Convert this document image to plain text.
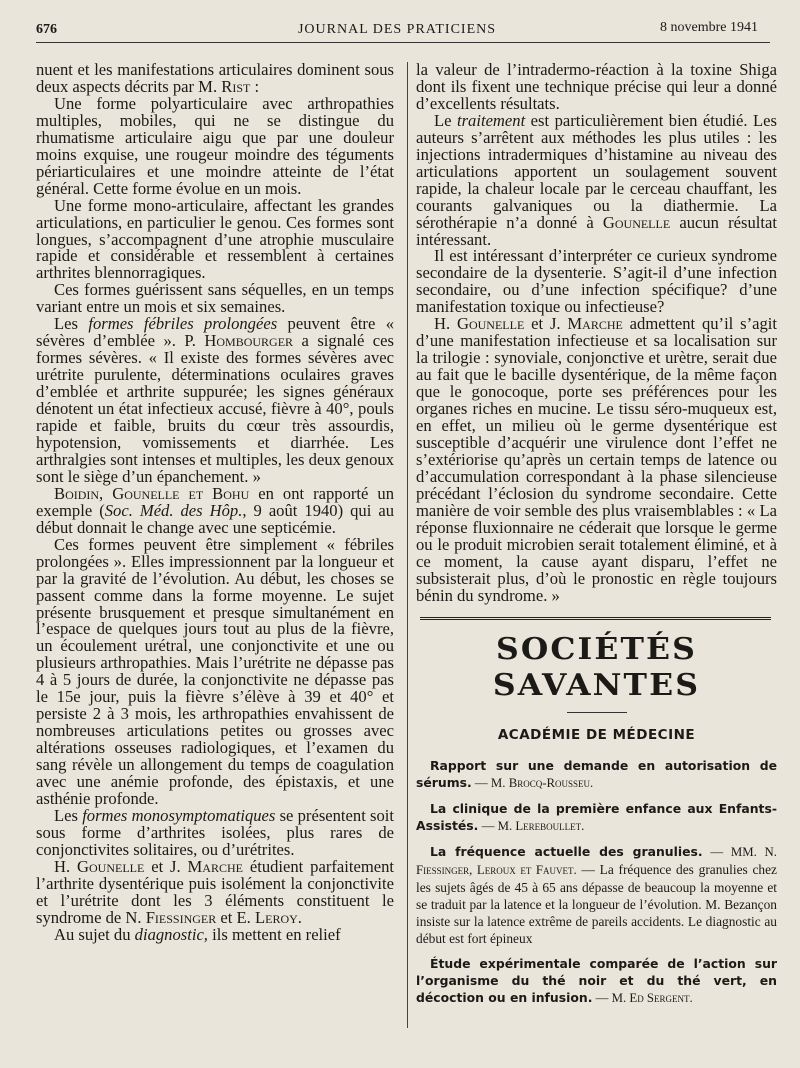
676	JOURNAL DES PRATICIENS	8 novembre 1941

nuent et les manifestations articulaires dominent sous deux aspects décrits par M. Rist :

Une forme polyarticulaire avec arthropathies multiples, mobiles, qui ne se distingue du rhumatisme articulaire aigu que par une douleur moins exquise, une rougeur moindre des téguments périarticulaires et une moindre atteinte de l’état général. Cette forme évolue en un mois.

Une forme mono-articulaire, affectant les grandes articulations, en particulier le genou. Ces formes sont longues, s’accompagnent d’une atrophie musculaire rapide et considérable et ressemblent à certaines arthrites blennorragiques.

Ces formes guérissent sans séquelles, en un temps variant entre un mois et six semaines.

Les formes fébriles prolongées peuvent être « sévères d’emblée ». P. Hombourger a signalé ces formes sévères. « Il existe des formes sévères avec urétrite purulente, déterminations oculaires graves d’emblée et arthrite suppurée; les signes généraux dénotent un état infectieux accusé, fièvre à 40°, pouls rapide et faible, bruits du cœur très assourdis, hypotension, vomissements et diarrhée. Les arthralgies sont intenses et multiples, les deux genoux sont le siège d’un épanchement. »

Boidin, Gounelle et Bohu en ont rapporté un exemple (Soc. Méd. des Hôp., 9 août 1940) qui au début donnait le change avec une septicémie.

Ces formes peuvent être simplement « fébriles prolongées ». Elles impressionnent par la longueur et par la gravité de l’évolution. Au début, les choses se passent comme dans la forme moyenne. Le sujet présente brusquement et presque simultanément en l’espace de quelques jours tout au plus de la fièvre, un écoulement urétral, une conjonctivite et une ou plusieurs arthropathies. Mais l’urétrite ne dépasse pas 4 à 5 jours de durée, la conjonctivite ne dépasse pas le 15e jour, puis la fièvre s’élève à 39 et 40° et persiste 2 à 3 mois, les arthropathies envahissent de nombreuses articulations petites ou grosses avec altérations osseuses radiologiques, et l’examen du sang révèle un allongement du temps de coagulation avec une anémie profonde, des épistaxis, et une asthénie profonde.

Les formes monosymptomatiques se présentent soit sous forme d’arthrites isolées, plus rares de conjonctivites solitaires, ou d’urétrites.

H. Gounelle et J. Marche étudient parfaitement l’arthrite dysentérique puis isolément la conjonctivite et l’urétrite dont les 3 éléments constituent le syndrome de N. Fiessinger et E. Leroy.

Au sujet du diagnostic, ils mettent en relief

la valeur de l’intradermo-réaction à la toxine Shiga dont ils fixent une technique précise qui leur a donné d’excellents résultats.

Le traitement est particulièrement bien étudié. Les auteurs s’arrêtent aux méthodes les plus utiles : les injections intradermiques d’histamine au niveau des articulations apportent un soulagement souvent rapide, la chaleur locale par le cerceau chauffant, les courants galvaniques ou la diathermie. La sérothérapie n’a donné à Gounelle aucun résultat intéressant.

Il est intéressant d’interpréter ce curieux syndrome secondaire de la dysenterie. S’agit-il d’une infection secondaire, ou d’une infection spécifique? d’une manifestation toxique ou infectieuse?

H. Gounelle et J. Marche admettent qu’il s’agit d’une manifestation infectieuse et sa localisation sur la trilogie : synoviale, conjonctive et urètre, serait due au fait que le bacille dysentérique, de la même façon que le gonocoque, porte ses préférences pour les organes riches en mucine. Le tissu séro-muqueux est, en effet, un milieu où le germe dysentérique est susceptible d’acquérir une virulence dont l’effet ne s’extériorise qu’après un certain temps de latence ou d’accumulation correspondant à la phase silencieuse précédant l’éclosion du syndrome secondaire. Cette manière de voir semble des plus vraisemblables : « La réponse fluxionnaire ne céderait que lorsque le germe ou le produit microbien serait totalement éliminé, et à ce moment, la cause ayant disparu, l’effet ne subsisterait plus, d’où le pronostic en règle toujours bénin du syndrome. »

SOCIÉTÉS SAVANTES
ACADÉMIE DE MÉDECINE

Rapport sur une demande en autorisation de sérums. — M. Brocq-Rousseu.

La clinique de la première enfance aux Enfants-Assistés. — M. Lereboullet.

La fréquence actuelle des granulies. — MM. N. Fiessinger, Leroux et Fauvet. — La fréquence des granulies chez les sujets âgés de 45 à 65 ans dépasse de beaucoup la moyenne et se traduit par la latence et la longueur de l’évolution. M. Bezançon insiste sur la latence extrême de pareils accidents. Le diagnostic au début est fort épineux

Étude expérimentale comparée de l’action sur l’organisme du thé noir et du thé vert, en décoction ou en infusion. — M. Ed Sergent.
